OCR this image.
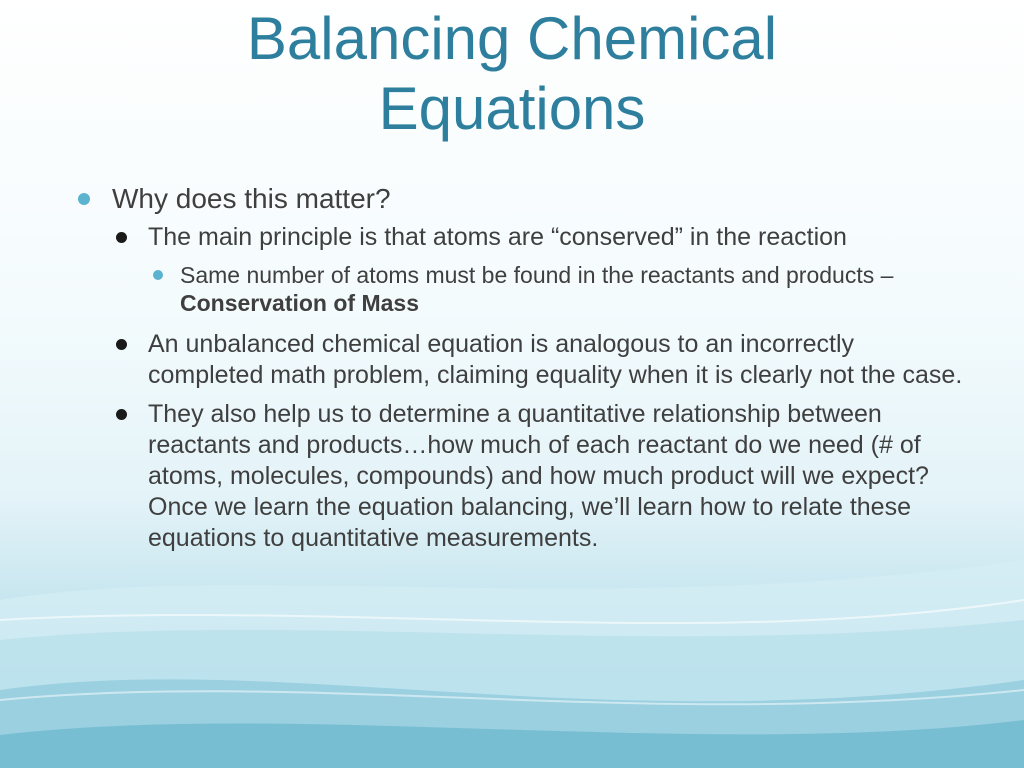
Balancing Chemical
Equations
Why does this matter?
The main principle is that atoms are “conserved” in the reaction
Same number of atoms must be found in the reactants and products – Conservation of Mass
An unbalanced chemical equation is analogous to an incorrectly completed math problem, claiming equality when it is clearly not the case.
They also help us to determine a quantitative relationship between reactants and products…how much of each reactant do we need (# of atoms, molecules, compounds) and how much product will we expect? Once we learn the equation balancing, we’ll learn how to relate these equations to quantitative measurements.
